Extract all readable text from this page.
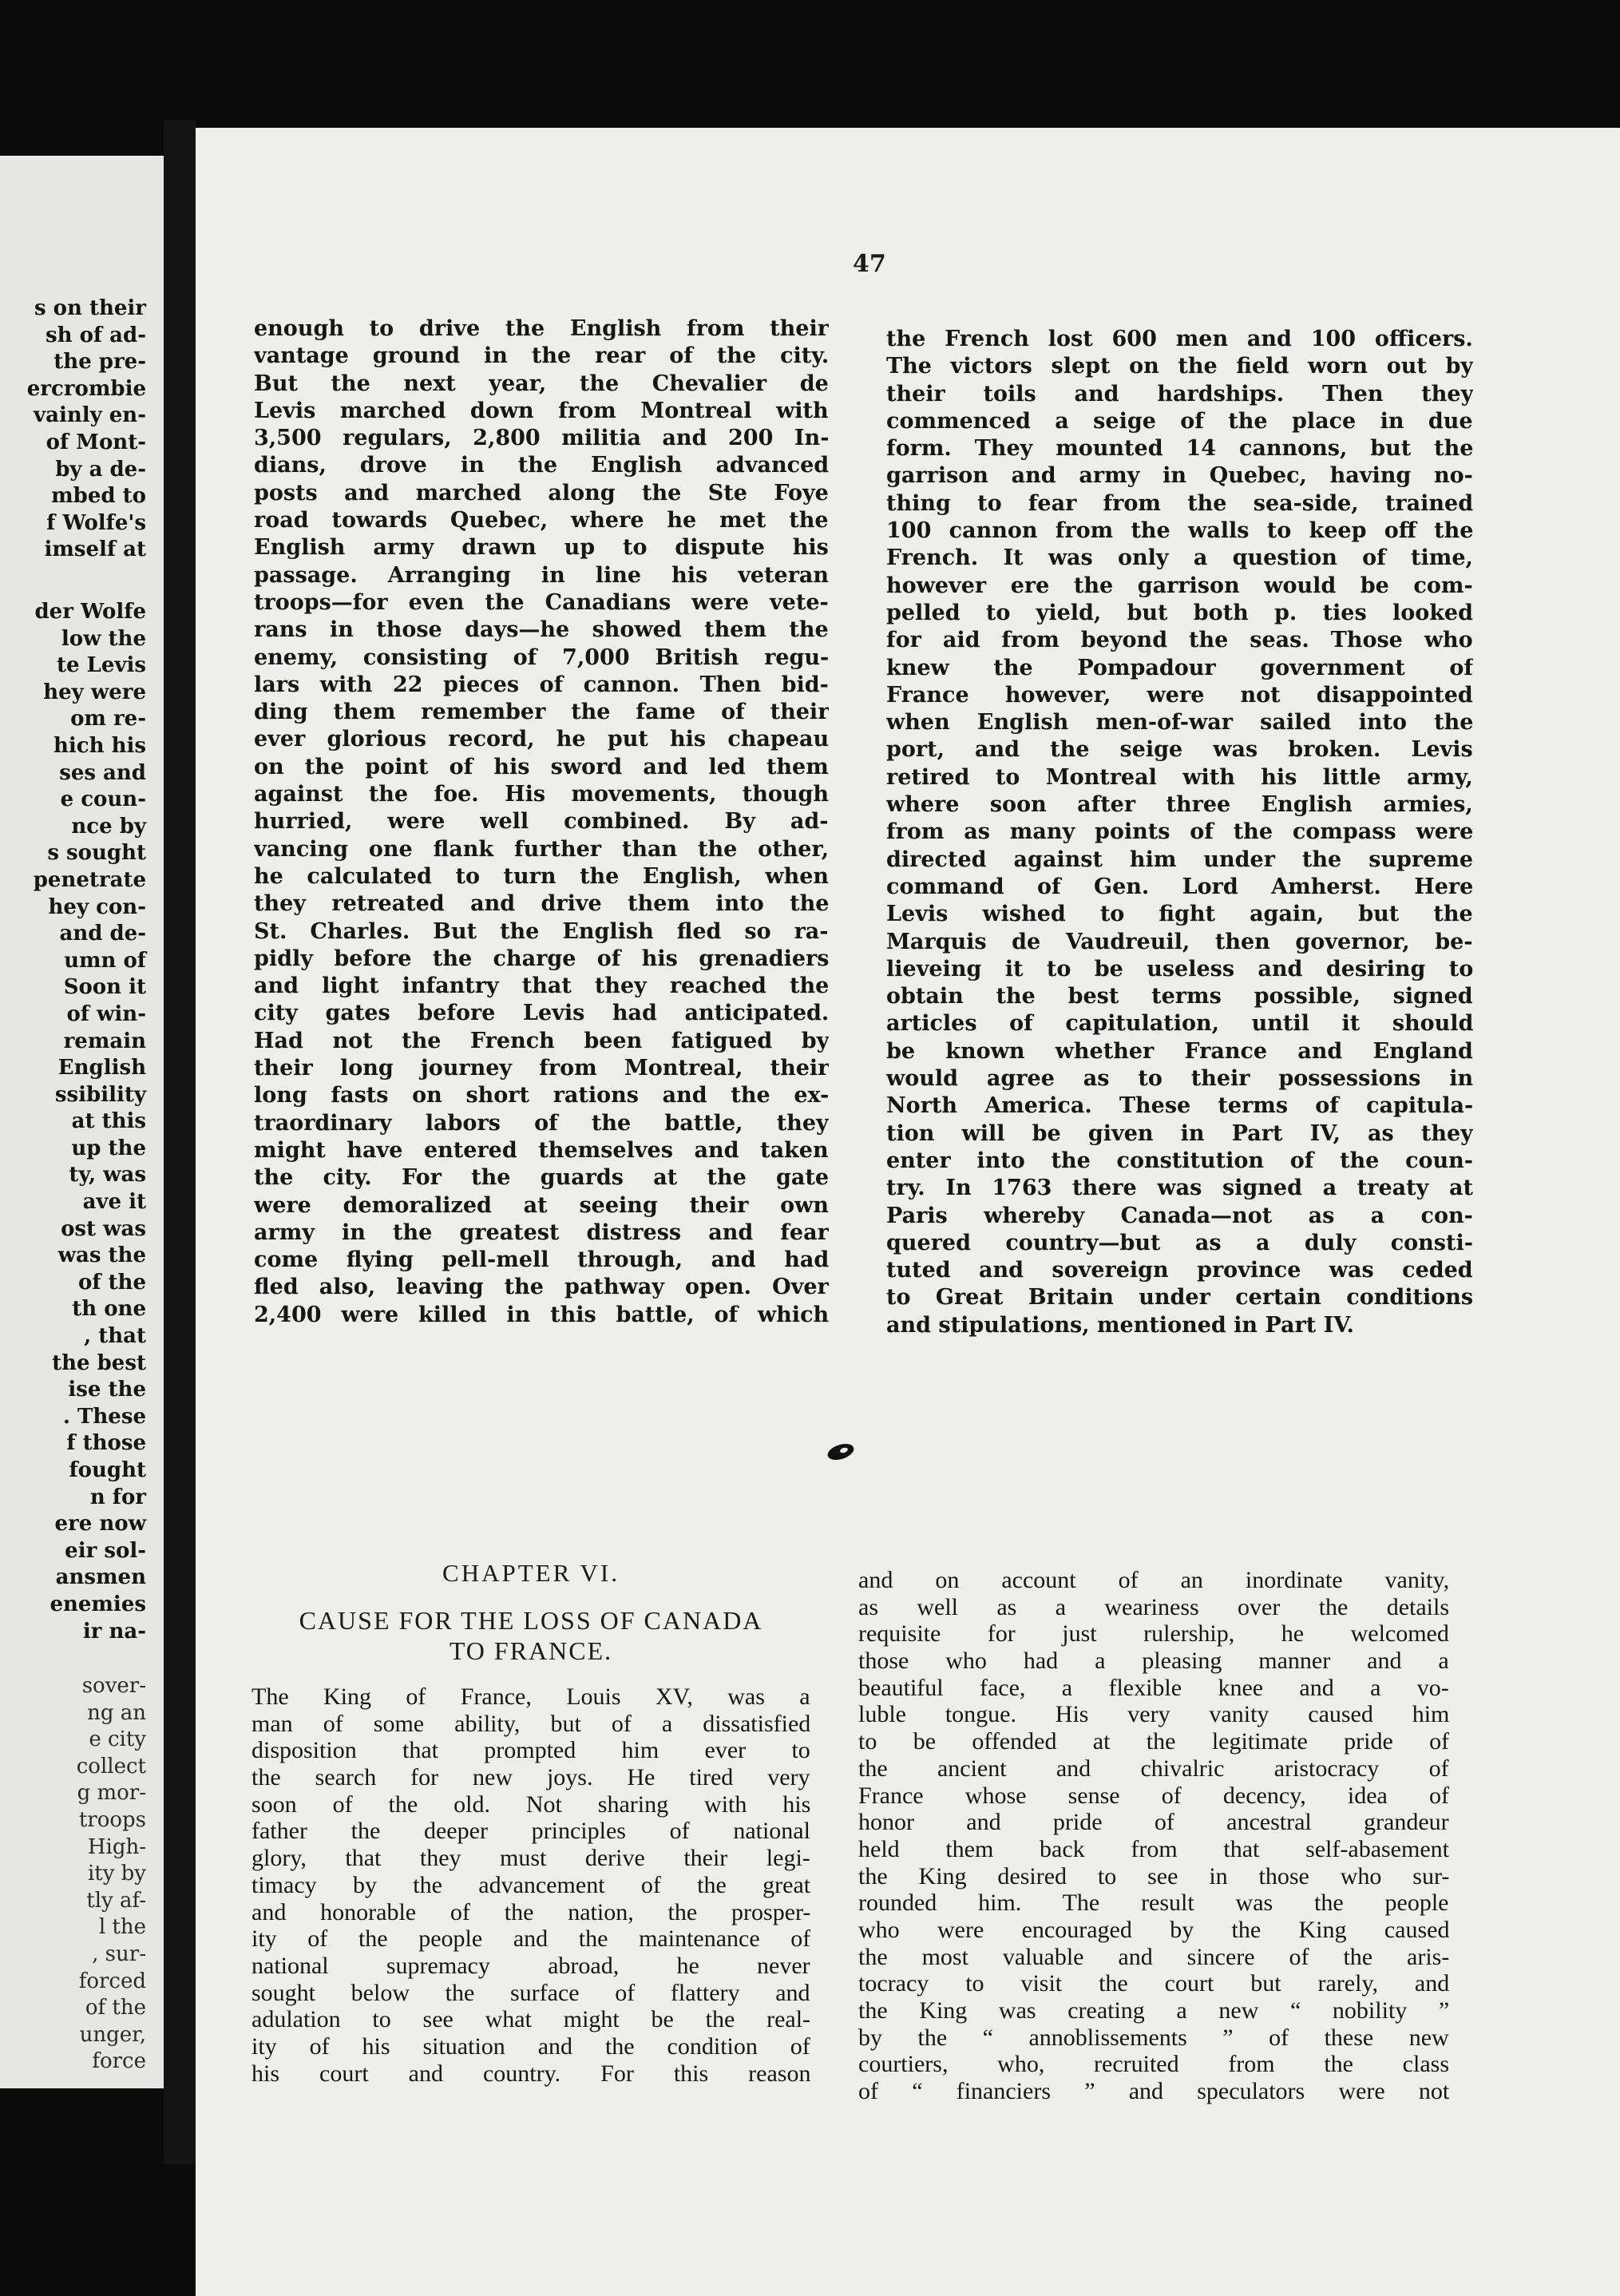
s on their
sh of ad-
the pre-
ercrombie
vainly en-
of Mont-
by a de-
mbed to
f Wolfe's
imself at
der Wolfe
low the
te Levis
hey were
om re-
hich his
ses and
e coun-
nce by
s sought
penetrate
hey con-
and de-
umn of
Soon it
of win-
remain
English
ssibility
at this
up the
ty, was
ave it
ost was
was the
of the
th one
, that
the best
ise the
. These
f those
fought
n for
ere now
eir sol-
ansmen
enemies
ir na-
sover-
ng an
e city
collect
g mor-
troops
High-
ity by
tly af-
l the
, sur-
forced
of the
unger,
force
47
enough to drive the English from their
vantage ground in the rear of the city.
But the next year, the Chevalier de
Levis marched down from Montreal with
3,500 regulars, 2,800 militia and 200 In-
dians, drove in the English advanced
posts and marched along the Ste Foye
road towards Quebec, where he met the
English army drawn up to dispute his
passage. Arranging in line his veteran
troops—for even the Canadians were vete-
rans in those days—he showed them the
enemy, consisting of 7,000 British regu-
lars with 22 pieces of cannon. Then bid-
ding them remember the fame of their
ever glorious record, he put his chapeau
on the point of his sword and led them
against the foe. His movements, though
hurried, were well combined. By ad-
vancing one flank further than the other,
he calculated to turn the English, when
they retreated and drive them into the
St. Charles. But the English fled so ra-
pidly before the charge of his grenadiers
and light infantry that they reached the
city gates before Levis had anticipated.
Had not the French been fatigued by
their long journey from Montreal, their
long fasts on short rations and the ex-
traordinary labors of the battle, they
might have entered themselves and taken
the city. For the guards at the gate
were demoralized at seeing their own
army in the greatest distress and fear
come flying pell-mell through, and had
fled also, leaving the pathway open. Over
2,400 were killed in this battle, of which
the French lost 600 men and 100 officers.
The victors slept on the field worn out by
their toils and hardships. Then they
commenced a seige of the place in due
form. They mounted 14 cannons, but the
garrison and army in Quebec, having no-
thing to fear from the sea-side, trained
100 cannon from the walls to keep off the
French. It was only a question of time,
however ere the garrison would be com-
pelled to yield, but both p. ties looked
for aid from beyond the seas. Those who
knew the Pompadour government of
France however, were not disappointed
when English men-of-war sailed into the
port, and the seige was broken. Levis
retired to Montreal with his little army,
where soon after three English armies,
from as many points of the compass were
directed against him under the supreme
command of Gen. Lord Amherst. Here
Levis wished to fight again, but the
Marquis de Vaudreuil, then governor, be-
lieveing it to be useless and desiring to
obtain the best terms possible, signed
articles of capitulation, until it should
be known whether France and England
would agree as to their possessions in
North America. These terms of capitula-
tion will be given in Part IV, as they
enter into the constitution of the coun-
try. In 1763 there was signed a treaty at
Paris whereby Canada—not as a con-
quered country—but as a duly consti-
tuted and sovereign province was ceded
to Great Britain under certain conditions
and stipulations, mentioned in Part IV.
CHAPTER VI.
CAUSE FOR THE LOSS OF CANADA
TO FRANCE.
The King of France, Louis XV, was a
man of some ability, but of a dissatisfied
disposition that prompted him ever to
the search for new joys. He tired very
soon of the old. Not sharing with his
father the deeper principles of national
glory, that they must derive their legi-
timacy by the advancement of the great
and honorable of the nation, the prosper-
ity of the people and the maintenance of
national supremacy abroad, he never
sought below the surface of flattery and
adulation to see what might be the real-
ity of his situation and the condition of
his court and country. For this reason
and on account of an inordinate vanity,
as well as a weariness over the details
requisite for just rulership, he welcomed
those who had a pleasing manner and a
beautiful face, a flexible knee and a vo-
luble tongue. His very vanity caused him
to be offended at the legitimate pride of
the ancient and chivalric aristocracy of
France whose sense of decency, idea of
honor and pride of ancestral grandeur
held them back from that self-abasement
the King desired to see in those who sur-
rounded him. The result was the people
who were encouraged by the King caused
the most valuable and sincere of the aris-
tocracy to visit the court but rarely, and
the King was creating a new “ nobility ”
by the “ annoblissements ” of these new
courtiers, who, recruited from the class
of “ financiers ” and speculators were not
